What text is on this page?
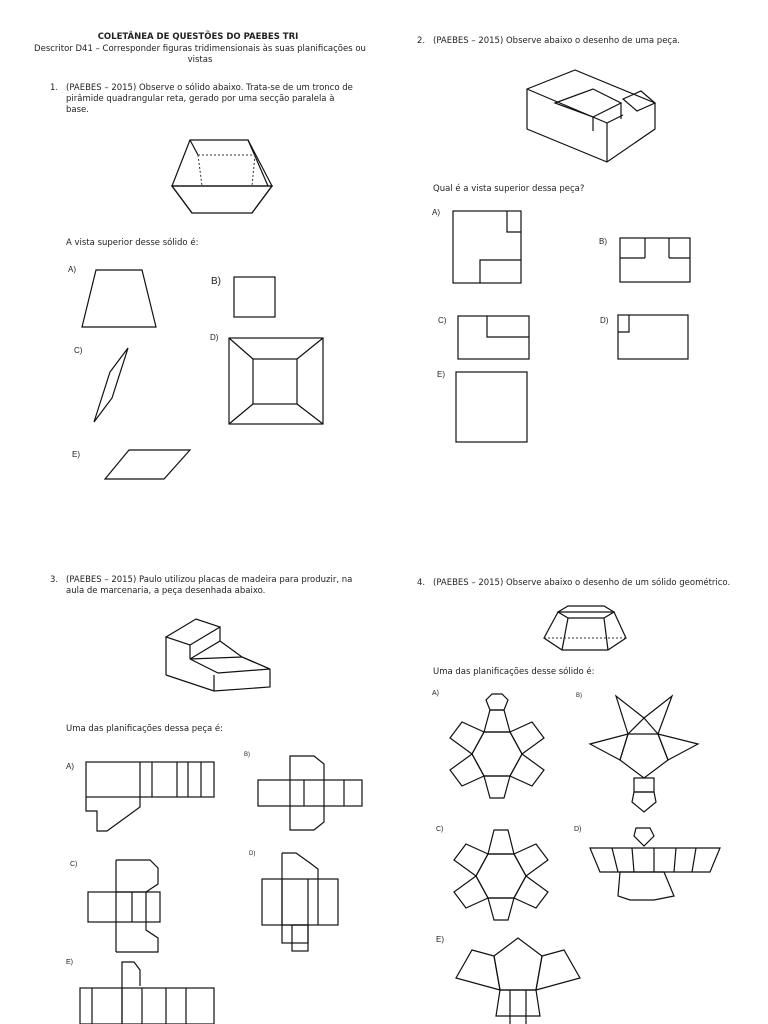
COLETÂNEA DE QUESTÕES DO PAEBES TRI
Descritor D41 – Corresponder figuras tridimensionais às suas planificações ou vistas
1. (PAEBES – 2015) Observe o sólido abaixo. Trata-se de um tronco de pirâmide quadrangular reta, gerado por uma secção paralela à base.
A vista superior desse sólido é:
A)
B)
C)
D)
E)
2. (PAEBES – 2015) Observe abaixo o desenho de uma peça.
Qual é a vista superior dessa peça?
A)
B)
C)	D)
E)
3. (PAEBES – 2015) Paulo utilizou placas de madeira para produzir, na aula de marcenaria, a peça desenhada abaixo.
Uma das planificações dessa peça é:
A)
B)
C)
D)
E)
4. (PAEBES – 2015) Observe abaixo o desenho de um sólido geométrico.
Uma das planificações desse sólido é:
A)	B)
C)	D)
E)
